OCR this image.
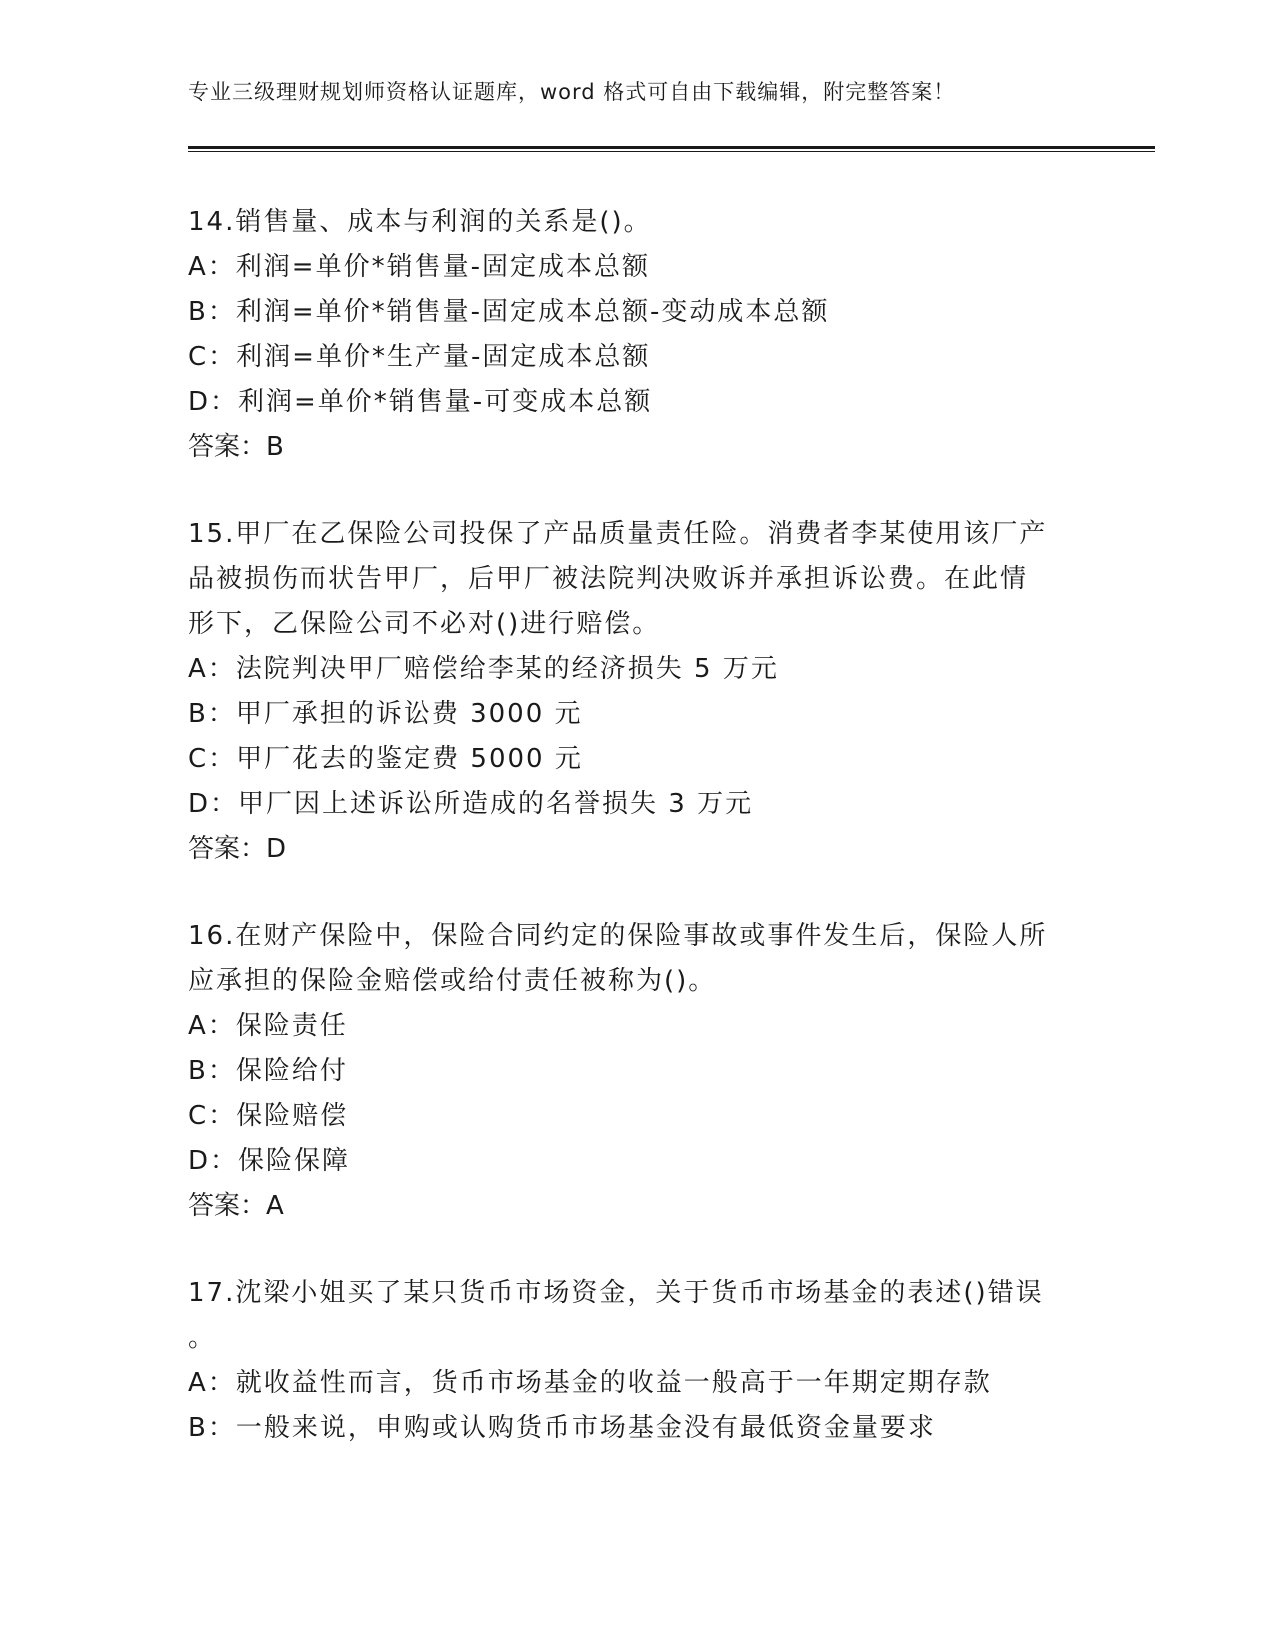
专业三级理财规划师资格认证题库，word 格式可自由下载编辑，附完整答案！
14.销售量、成本与利润的关系是()。
A：利润=单价*销售量-固定成本总额
B：利润=单价*销售量-固定成本总额-变动成本总额
C：利润=单价*生产量-固定成本总额
D：利润=单价*销售量-可变成本总额
答案：B
15.甲厂在乙保险公司投保了产品质量责任险。消费者李某使用该厂产
品被损伤而状告甲厂，后甲厂被法院判决败诉并承担诉讼费。在此情
形下，乙保险公司不必对()进行赔偿。
A：法院判决甲厂赔偿给李某的经济损失 5 万元
B：甲厂承担的诉讼费 3000 元
C：甲厂花去的鉴定费 5000 元
D：甲厂因上述诉讼所造成的名誉损失 3 万元
答案：D
16.在财产保险中，保险合同约定的保险事故或事件发生后，保险人所
应承担的保险金赔偿或给付责任被称为()。
A：保险责任
B：保险给付
C：保险赔偿
D：保险保障
答案：A
17.沈梁小姐买了某只货币市场资金，关于货币市场基金的表述()错误
。
A：就收益性而言，货币市场基金的收益一般高于一年期定期存款
B：一般来说，申购或认购货币市场基金没有最低资金量要求
